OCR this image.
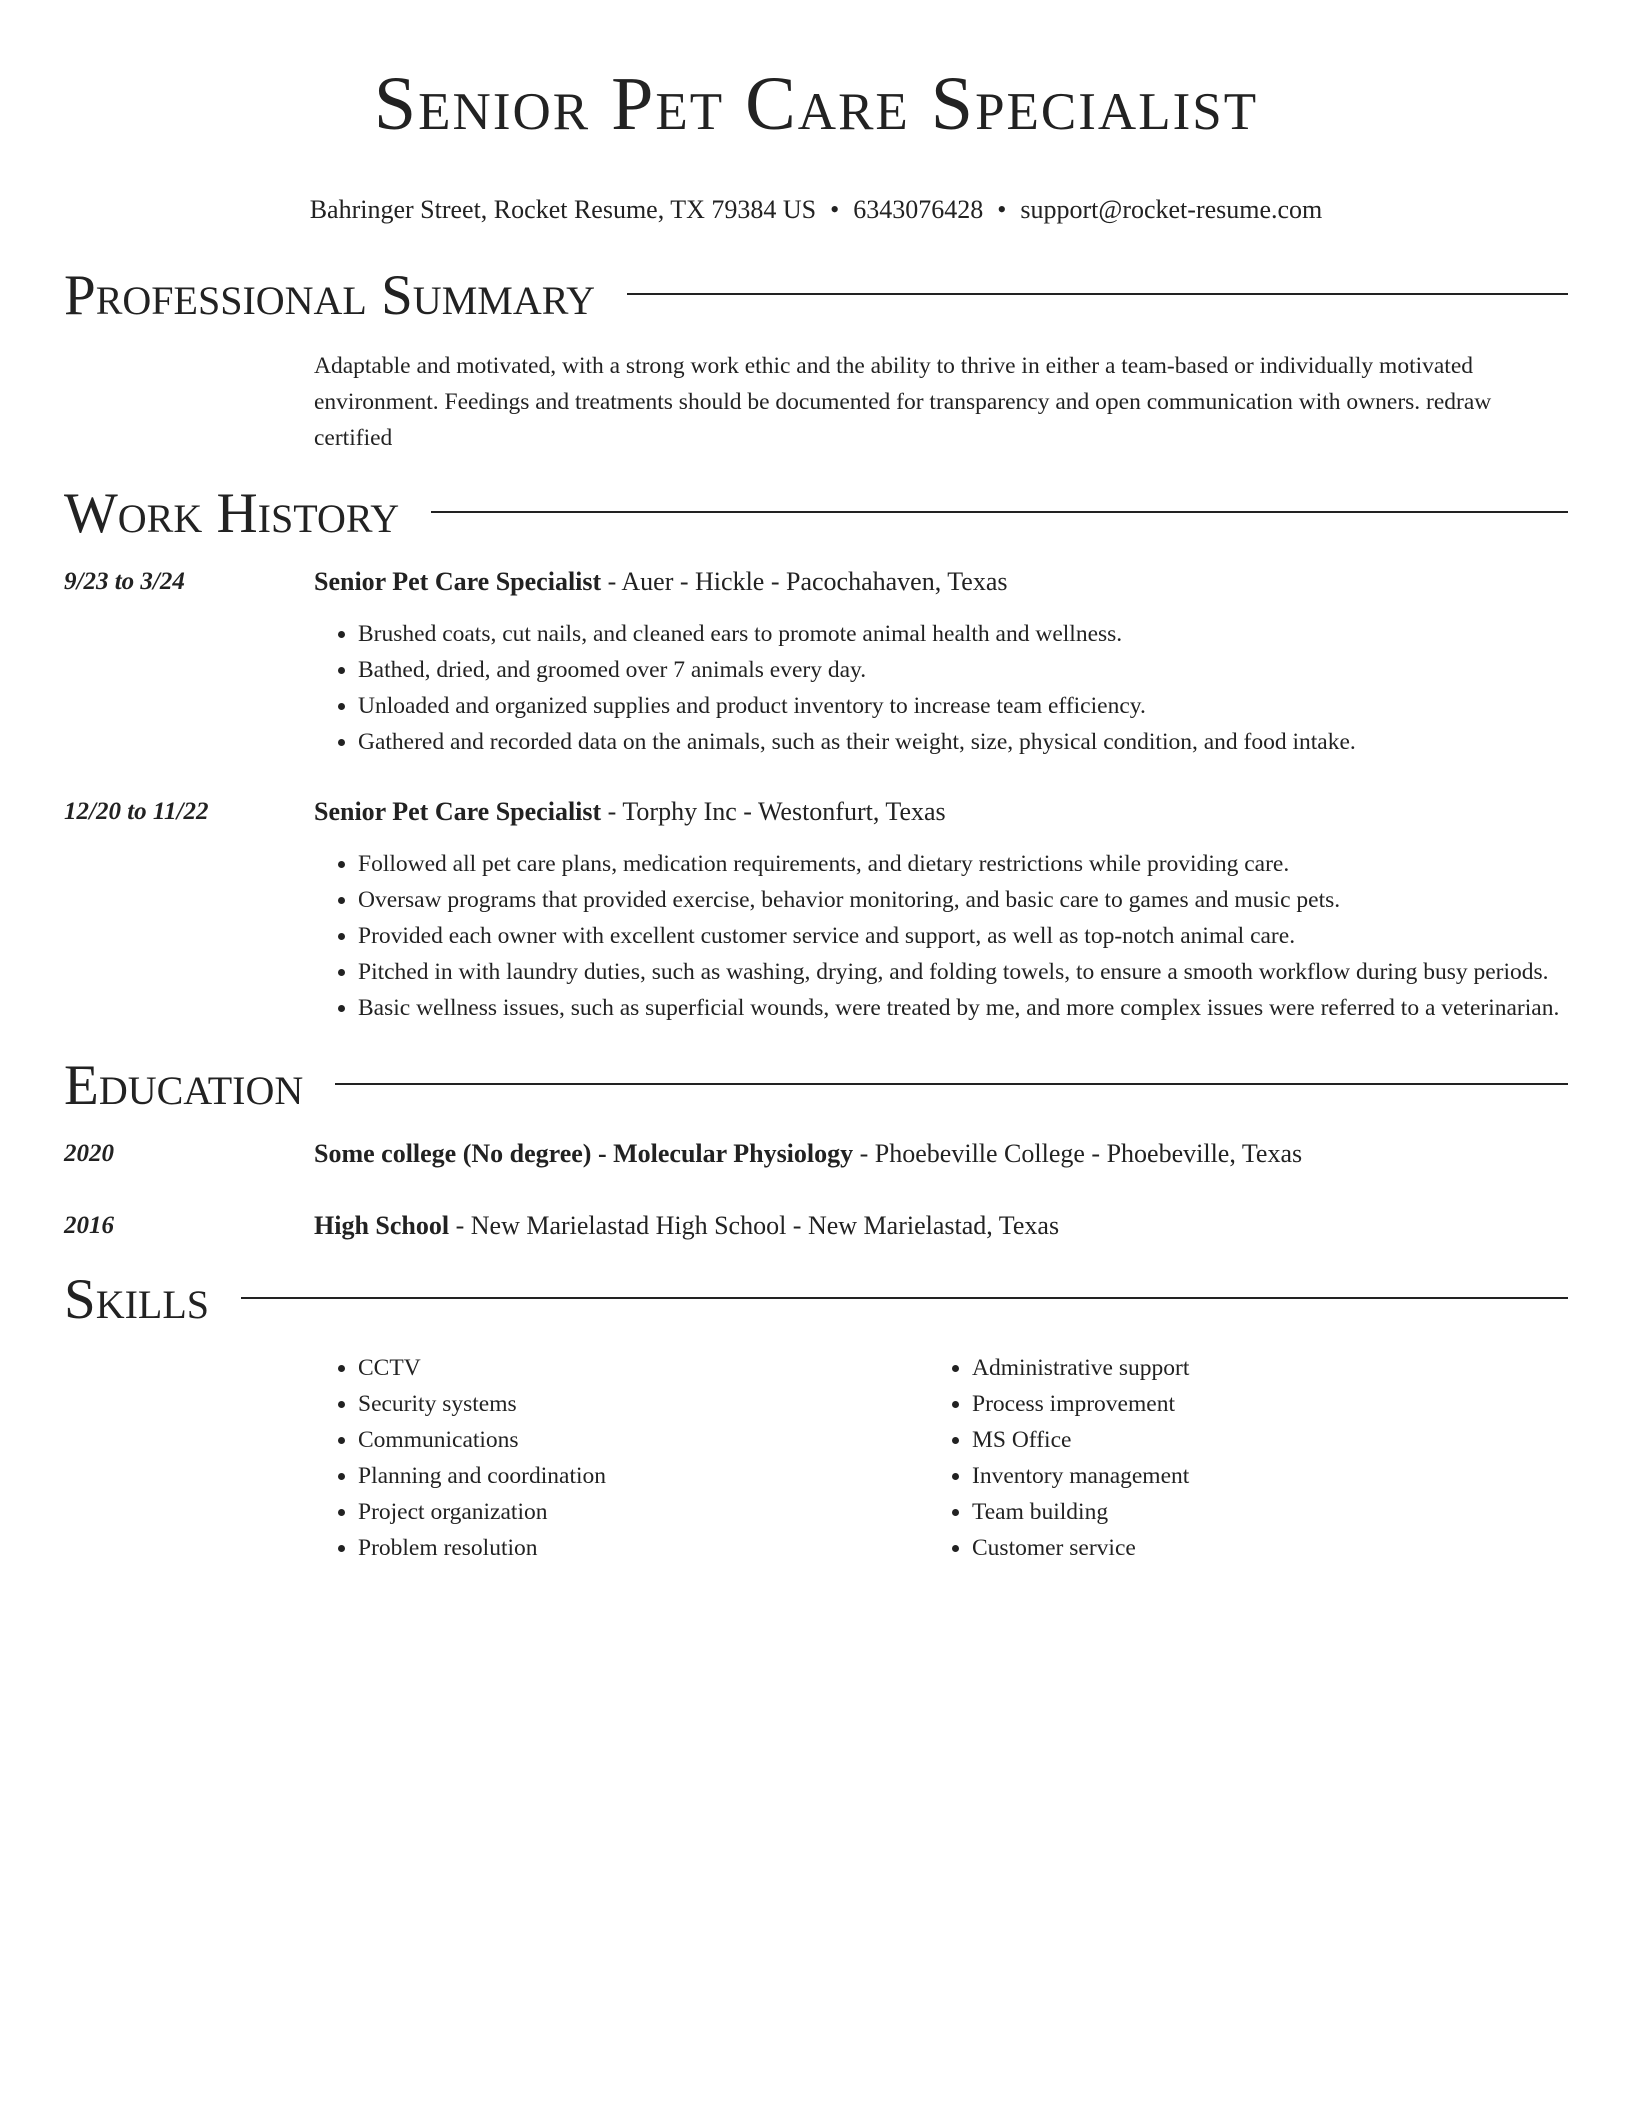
Senior Pet Care Specialist
Bahringer Street, Rocket Resume, TX 79384 US • 6343076428 • support@rocket-resume.com
Professional Summary
Adaptable and motivated, with a strong work ethic and the ability to thrive in either a team-based or individually motivated environment. Feedings and treatments should be documented for transparency and open communication with owners. redraw certified
Work History
9/23 to 3/24	Senior Pet Care Specialist - Auer - Hickle - Pacochahaven, Texas
• Brushed coats, cut nails, and cleaned ears to promote animal health and wellness.
• Bathed, dried, and groomed over 7 animals every day.
• Unloaded and organized supplies and product inventory to increase team efficiency.
• Gathered and recorded data on the animals, such as their weight, size, physical condition, and food intake.
12/20 to 11/22	Senior Pet Care Specialist - Torphy Inc - Westonfurt, Texas
• Followed all pet care plans, medication requirements, and dietary restrictions while providing care.
• Oversaw programs that provided exercise, behavior monitoring, and basic care to games and music pets.
• Provided each owner with excellent customer service and support, as well as top-notch animal care.
• Pitched in with laundry duties, such as washing, drying, and folding towels, to ensure a smooth workflow during busy periods.
• Basic wellness issues, such as superficial wounds, were treated by me, and more complex issues were referred to a veterinarian.
Education
2020	Some college (No degree) - Molecular Physiology - Phoebeville College - Phoebeville, Texas
2016	High School - New Marielastad High School - New Marielastad, Texas
Skills
• CCTV
• Security systems
• Communications
• Planning and coordination
• Project organization
• Problem resolution
• Administrative support
• Process improvement
• MS Office
• Inventory management
• Team building
• Customer service
